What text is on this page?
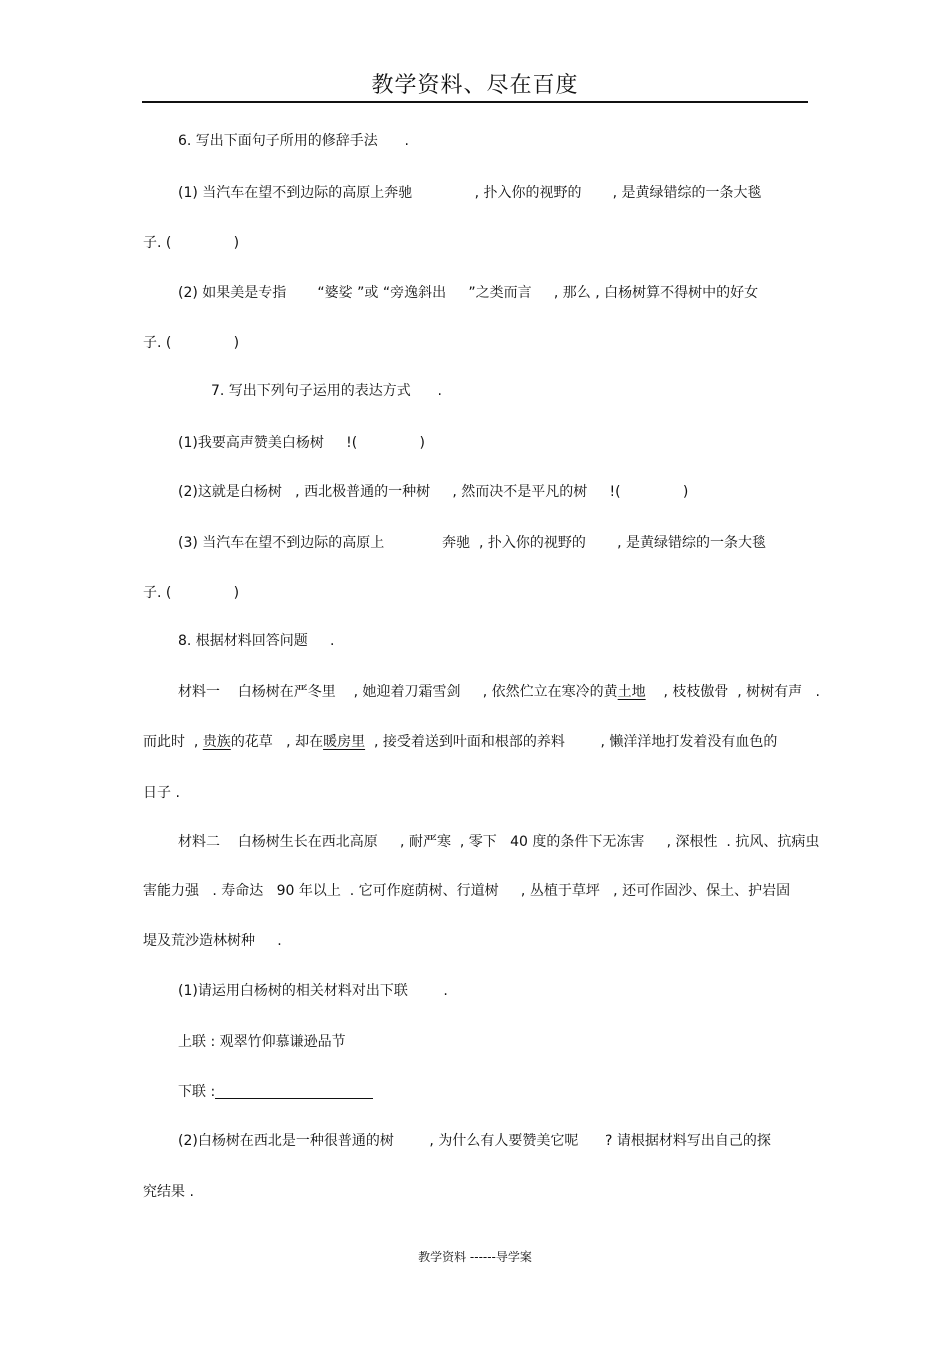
教学资料、尽在百度
6. 写出下面句子所用的修辞手法      .
(1) 当汽车在望不到边际的高原上奔驰              , 扑入你的视野的       , 是黄绿错综的一条大毯
子. (              )
(2) 如果美是专指       “婆娑 ”或 “旁逸斜出     ”之类而言     , 那么 , 白杨树算不得树中的好女
子. (              )
7. 写出下列句子运用的表达方式      .
(1)我要高声赞美白杨树     !(              )
(2)这就是白杨树   , 西北极普通的一种树     , 然而决不是平凡的树     !(              )
(3) 当汽车在望不到边际的高原上             奔驰  , 扑入你的视野的       , 是黄绿错综的一条大毯
子. (              )
8. 根据材料回答问题     .
材料一    白杨树在严冬里    , 她迎着刀霜雪剑     , 依然伫立在寒冷的黄土地    , 枝枝傲骨  , 树树有声   .
而此时  , 贵族的花草   , 却在暖房里  , 接受着送到叶面和根部的养料        , 懒洋洋地打发着没有血色的
日子 .
材料二    白杨树生长在西北高原     , 耐严寒  , 零下   40 度的条件下无冻害     , 深根性  . 抗风、抗病虫
害能力强   . 寿命达   90 年以上  . 它可作庭荫树、行道树     , 丛植于草坪   , 还可作固沙、保土、护岩固
堤及荒沙造林树种     .
(1)请运用白杨树的相关材料对出下联        .
上联 : 观翠竹仰慕谦逊品节
下联 :
(2)白杨树在西北是一种很普通的树        , 为什么有人要赞美它呢      ? 请根据材料写出自己的探
究结果 .
教学资料 ------导学案
